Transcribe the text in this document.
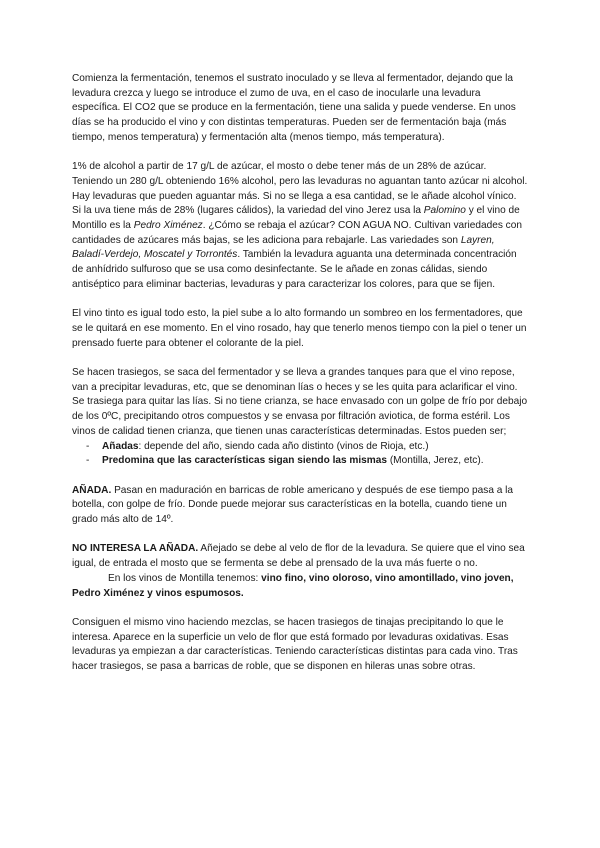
Comienza la fermentación, tenemos el sustrato inoculado y se lleva al fermentador, dejando que la levadura crezca y luego se introduce el zumo de uva, en el caso de inocularle una levadura específica. El CO2 que se produce en la fermentación, tiene una salida y puede venderse. En unos días se ha producido el vino y con distintas temperaturas. Pueden ser de fermentación baja (más tiempo, menos temperatura) y fermentación alta (menos tiempo, más temperatura).

1% de alcohol a partir de 17 g/L de azúcar, el mosto o debe tener más de un 28% de azúcar. Teniendo un 280 g/L obteniendo 16% alcohol, pero las levaduras no aguantan tanto azúcar ni alcohol. Hay levaduras que pueden aguantar más. Si no se llega a esa cantidad, se le añade alcohol vínico. Si la uva tiene más de 28% (lugares cálidos), la variedad del vino Jerez usa la Palomino y el vino de Montillo es la Pedro Ximénez. ¿Cómo se rebaja el azúcar? CON AGUA NO. Cultivan variedades con cantidades de azúcares más bajas, se les adiciona para rebajarle. Las variedades son Layren, Baladí-Verdejo, Moscatel y Torrontés. También la levadura aguanta una determinada concentración de anhídrido sulfuroso que se usa como desinfectante. Se le añade en zonas cálidas, siendo antiséptico para eliminar bacterias, levaduras y para caracterizar los colores, para que se fijen.

El vino tinto es igual todo esto, la piel sube a lo alto formando un sombreo en los fermentadores, que se le quitará en ese momento. En el vino rosado, hay que tenerlo menos tiempo con la piel o tener un prensado fuerte para obtener el colorante de la piel.

Se hacen trasiegos, se saca del fermentador y se lleva a grandes tanques para que el vino repose, van a precipitar levaduras, etc, que se denominan lías o heces y se les quita para aclarificar el vino. Se trasiega para quitar las lías. Si no tiene crianza, se hace envasado con un golpe de frío por debajo de los 0ºC, precipitando otros compuestos y se envasa por filtración aviotica, de forma estéril. Los vinos de calidad tienen crianza, que tienen unas características determinadas. Estos pueden ser;

- Añadas: depende del año, siendo cada año distinto (vinos de Rioja, etc.)
- Predomina que las características sigan siendo las mismas (Montilla, Jerez, etc).

AÑADA. Pasan en maduración en barricas de roble americano y después de ese tiempo pasa a la botella, con golpe de frío. Donde puede mejorar sus características en la botella, cuando tiene un grado más alto de 14º.

NO INTERESA LA AÑADA. Añejado se debe al velo de flor de la levadura. Se quiere que el vino sea igual, de entrada el mosto que se fermenta se debe al prensado de la uva más fuerte o no.

En los vinos de Montilla tenemos: vino fino, vino oloroso, vino amontillado, vino joven, Pedro Ximénez y vinos espumosos.

Consiguen el mismo vino haciendo mezclas, se hacen trasiegos de tinajas precipitando lo que le interesa. Aparece en la superficie un velo de flor que está formado por levaduras oxidativas. Esas levaduras ya empiezan a dar características. Teniendo características distintas para cada vino. Tras hacer trasiegos, se pasa a barricas de roble, que se disponen en hileras unas sobre otras.
